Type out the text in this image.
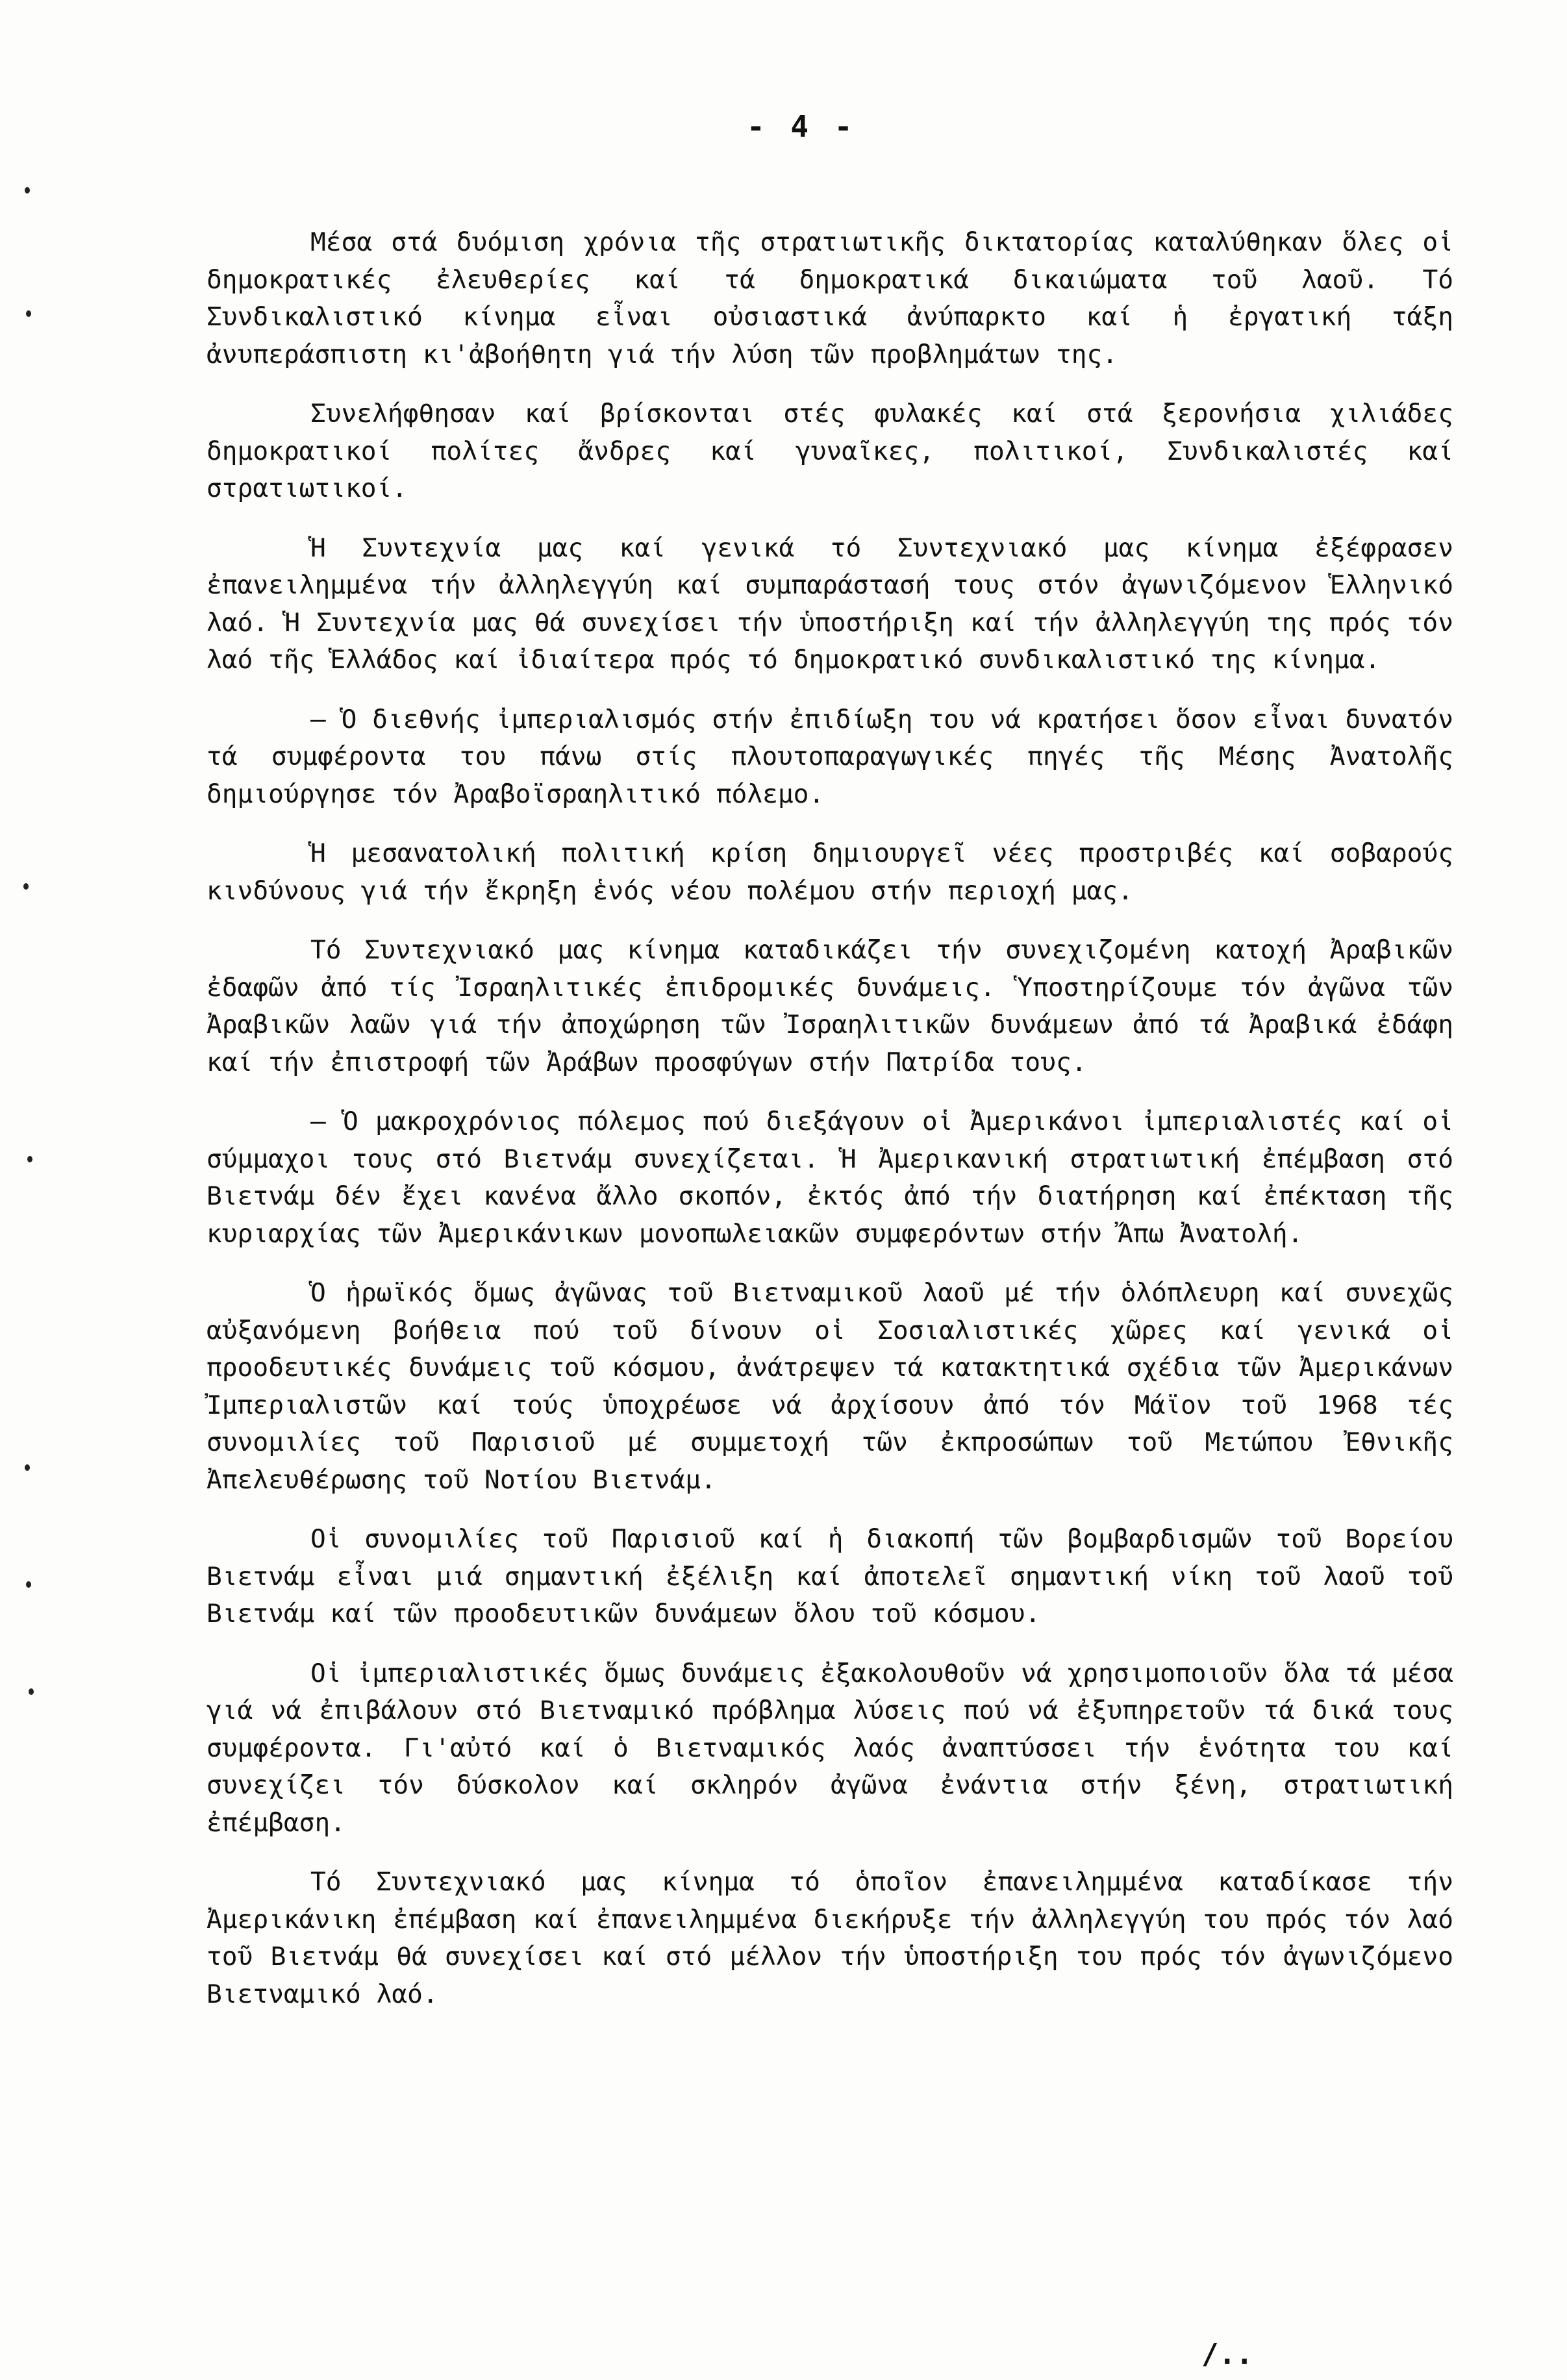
- 4 -

Μέσα στά δυόμιση χρόνια τῆς στρατιωτικῆς δικτατορίας καταλύθηκαν ὅλες οἱ δημοκρατικές ἐλευθερίες καί τά δημοκρατικά δικαιώματα τοῦ λαοῦ. Τό Συνδικαλιστικό κίνημα εἶναι οὐσιαστικά ἀνύπαρκτο καί ἡ ἐργατική τάξη ἀνυπεράσπιστη κι'ἀβοήθητη γιά τήν λύση τῶν προβλημάτων της.

Συνελήφθησαν καί βρίσκονται στές φυλακές καί στά ξερονήσια χιλιάδες δημοκρατικοί πολίτες ἄνδρες καί γυναῖκες, πολιτικοί, Συνδικαλιστές καί στρατιωτικοί.

Ἡ Συντεχνία μας καί γενικά τό Συντεχνιακό μας κίνημα ἐξέφρασεν ἐπανειλημμένα τήν ἀλληλεγγύη καί συμπαράστασή τους στόν ἀγωνιζόμενον Ἑλληνικό λαό. Ἡ Συντεχνία μας θά συνεχίσει τήν ὑποστήριξη καί τήν ἀλληλεγγύη της πρός τόν λαό τῆς Ἑλλάδος καί ἰδιαίτερα πρός τό δημοκρατικό συνδικαλιστικό της κίνημα.

– Ὁ διεθνής ἰμπεριαλισμός στήν ἐπιδίωξη του νά κρατήσει ὅσον εἶναι δυνατόν τά συμφέροντα του πάνω στίς πλουτοπαραγωγικές πηγές τῆς Μέσης Ἀνατολῆς δημιούργησε τόν Ἀραβοϊσραηλιτικό πόλεμο.

Ἡ μεσανατολική πολιτική κρίση δημιουργεῖ νέες προστριβές καί σοβαρούς κινδύνους γιά τήν ἔκρηξη ἑνός νέου πολέμου στήν περιοχή μας.

Τό Συντεχνιακό μας κίνημα καταδικάζει τήν συνεχιζομένη κατοχή Ἀραβικῶν ἐδαφῶν ἀπό τίς Ἰσραηλιτικές ἐπιδρομικές δυνάμεις. Ὑποστηρίζουμε τόν ἀγῶνα τῶν Ἀραβικῶν λαῶν γιά τήν ἀποχώρηση τῶν Ἰσραηλιτικῶν δυνάμεων ἀπό τά Ἀραβικά ἐδάφη καί τήν ἐπιστροφή τῶν Ἀράβων προσφύγων στήν Πατρίδα τους.

– Ὁ μακροχρόνιος πόλεμος πού διεξάγουν οἱ Ἀμερικάνοι ἰμπεριαλιστές καί οἱ σύμμαχοι τους στό Βιετνάμ συνεχίζεται. Ἡ Ἀμερικανική στρατιωτική ἐπέμβαση στό Βιετνάμ δέν ἔχει κανένα ἄλλο σκοπόν, ἐκτός ἀπό τήν διατήρηση καί ἐπέκταση τῆς κυριαρχίας τῶν Ἀμερικάνικων μονοπωλειακῶν συμφερόντων στήν Ἄπω Ἀνατολή.

Ὁ ἡρωϊκός ὅμως ἀγῶνας τοῦ Βιετναμικοῦ λαοῦ μέ τήν ὁλόπλευρη καί συνεχῶς αὐξανόμενη βοήθεια πού τοῦ δίνουν οἱ Σοσιαλιστικές χῶρες καί γενικά οἱ προοδευτικές δυνάμεις τοῦ κόσμου, ἀνάτρεψεν τά κατακτητικά σχέδια τῶν Ἀμερικάνων Ἰμπεριαλιστῶν καί τούς ὑποχρέωσε νά ἀρχίσουν ἀπό τόν Μάϊον τοῦ 1968 τές συνομιλίες τοῦ Παρισιοῦ μέ συμμετοχή τῶν ἐκπροσώπων τοῦ Μετώπου Ἐθνικῆς Ἀπελευθέρωσης τοῦ Νοτίου Βιετνάμ.

Οἱ συνομιλίες τοῦ Παρισιοῦ καί ἡ διακοπή τῶν βομβαρδισμῶν τοῦ Βορείου Βιετνάμ εἶναι μιά σημαντική ἐξέλιξη καί ἀποτελεῖ σημαντική νίκη τοῦ λαοῦ τοῦ Βιετνάμ καί τῶν προοδευτικῶν δυνάμεων ὅλου τοῦ κόσμου.

Οἱ ἰμπεριαλιστικές ὅμως δυνάμεις ἐξακολουθοῦν νά χρησιμοποιοῦν ὅλα τά μέσα γιά νά ἐπιβάλουν στό Βιετναμικό πρόβλημα λύσεις πού νά ἐξυπηρετοῦν τά δικά τους συμφέροντα. Γι'αὐτό καί ὁ Βιετναμικός λαός ἀναπτύσσει τήν ἑνότητα του καί συνεχίζει τόν δύσκολον καί σκληρόν ἀγῶνα ἐνάντια στήν ξένη, στρατιωτική ἐπέμβαση.

Τό Συντεχνιακό μας κίνημα τό ὁποῖον ἐπανειλημμένα καταδίκασε τήν Ἀμερικάνικη ἐπέμβαση καί ἐπανειλημμένα διεκήρυξε τήν ἀλληλεγγύη του πρός τόν λαό τοῦ Βιετνάμ θά συνεχίσει καί στό μέλλον τήν ὑποστήριξη του πρός τόν ἀγωνιζόμενο Βιετναμικό λαό.

/..
